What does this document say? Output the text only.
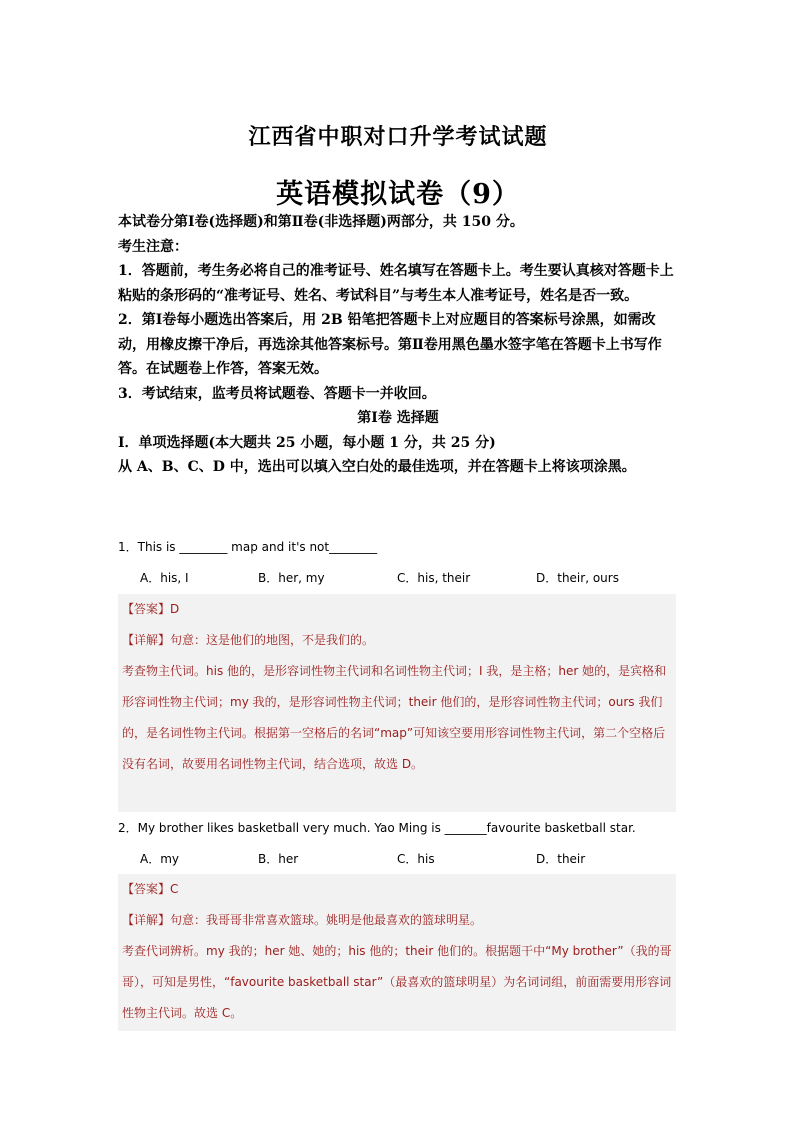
江西省中职对口升学考试试题
英语模拟试卷（9）

本试卷分第Ⅰ卷(选择题)和第Ⅱ卷(非选择题)两部分，共 150 分。

考生注意：

1．答题前，考生务必将自己的准考证号、姓名填写在答题卡上。考生要认真核对答题卡上粘贴的条形码的“准考证号、姓名、考试科目”与考生本人准考证号，姓名是否一致。

2．第Ⅰ卷每小题选出答案后，用 2B 铅笔把答题卡上对应题目的答案标号涂黑，如需改动，用橡皮擦干净后，再选涂其他答案标号。第Ⅱ卷用黑色墨水签字笔在答题卡上书写作答。在试题卷上作答，答案无效。

3．考试结束，监考员将试题卷、答题卡一并收回。

第Ⅰ卷 选择题

Ⅰ．单项选择题(本大题共 25 小题，每小题 1 分，共 25 分)

从 A、B、C、D 中，选出可以填入空白处的最佳选项，并在答题卡上将该项涂黑。

1．This is ________ map and it's not________
A．his, I	B．her, my	C．his, their	D．their, ours

【答案】D

【详解】句意：这是他们的地图，不是我们的。

考查物主代词。his 他的，是形容词性物主代词和名词性物主代词；I 我，是主格；her 她的，是宾格和形容词性物主代词；my 我的，是形容词性物主代词；their 他们的，是形容词性物主代词；ours 我们的，是名词性物主代词。根据第一空格后的名词“map”可知该空要用形容词性物主代词，第二个空格后没有名词，故要用名词性物主代词，结合选项，故选 D。

2．My brother likes basketball very much. Yao Ming is _______favourite basketball star.
A．my	B．her	C．his	D．their

【答案】C

【详解】句意：我哥哥非常喜欢篮球。姚明是他最喜欢的篮球明星。

考查代词辨析。my 我的；her 她、她的；his 他的；their 他们的。根据题干中“My brother”（我的哥哥），可知是男性，“favourite basketball star”（最喜欢的篮球明星）为名词词组，前面需要用形容词性物主代词。故选 C。
